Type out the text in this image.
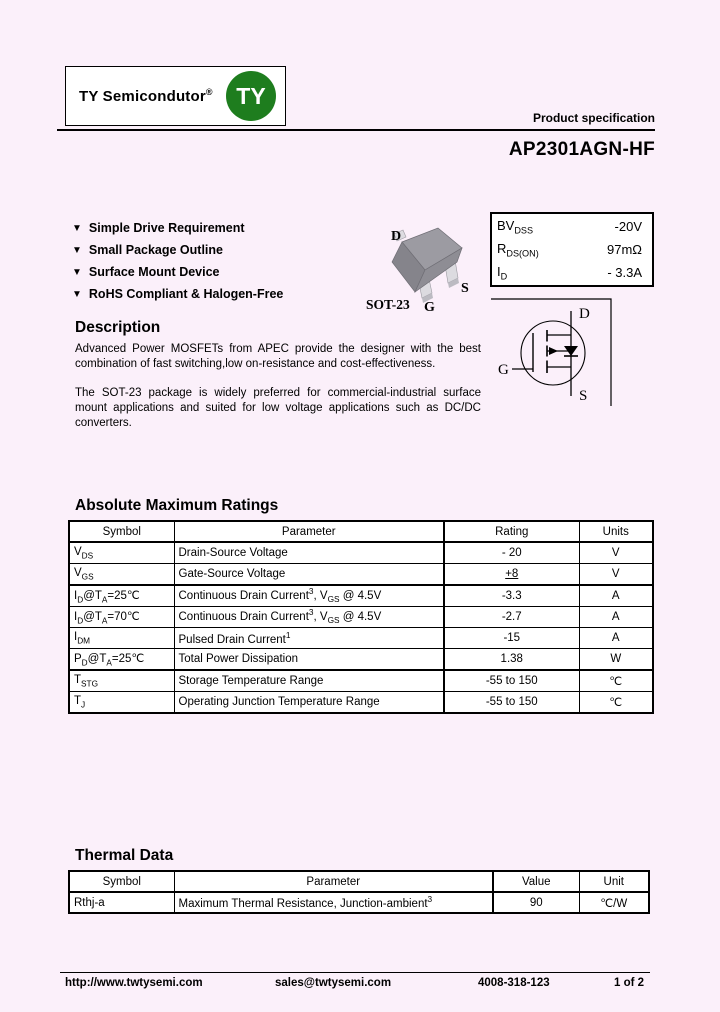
TY Semicondutor®	TY
Product specification
AP2301AGN-HF
▼ Simple Drive Requirement
▼ Small Package Outline
▼ Surface Mount Device
▼ RoHS Compliant & Halogen-Free
D
S
G
SOT-23
$BV_{DSS}$	-20V
$R_{DS(ON)}$	97mΩ
$I_D$	- 3.3A
D
S
G
Description
Advanced Power MOSFETs from APEC provide the designer with the best combination of fast switching,low on-resistance and cost-effectiveness.
The SOT-23 package is widely preferred for commercial-industrial surface mount applications and suited for low voltage applications such as DC/DC converters.
Absolute Maximum Ratings
Symbol	Parameter	Rating	Units
$V_{DS}$	Drain-Source Voltage	- 20	V
$V_{GS}$	Gate-Source Voltage	+8	V
$I_D@T_A=25℃$	Continuous Drain Current$^3$, $V_{GS}$ @ 4.5V	-3.3	A
$I_D@T_A=70℃$	Continuous Drain Current$^3$, $V_{GS}$ @ 4.5V	-2.7	A
$I_{DM}$	Pulsed Drain Current$^1$	-15	A
$P_D@T_A=25℃$	Total Power Dissipation	1.38	W
$T_{STG}$	Storage Temperature Range	-55 to 150	℃
$T_J$	Operating Junction Temperature Range	-55 to 150	℃
Thermal Data
Symbol	Parameter	Value	Unit
Rthj-a	Maximum Thermal Resistance, Junction-ambient$^3$	90	℃/W
http://www.twtysemi.com	sales@twtysemi.com	4008-318-123	1 of 2
